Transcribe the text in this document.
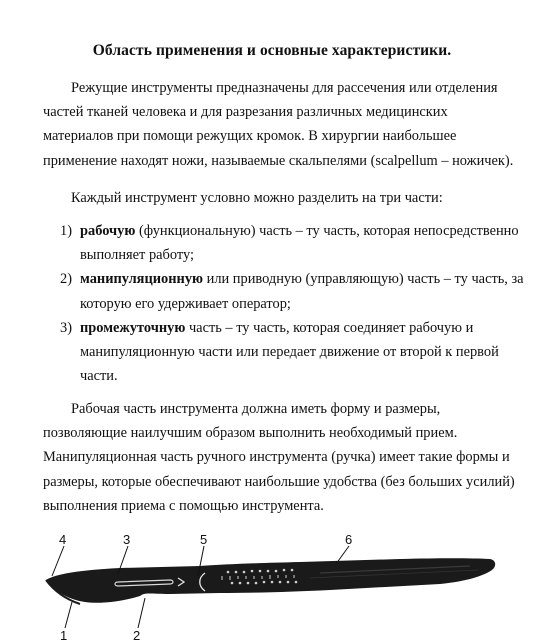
Область применения и основные характеристики.

Режущие инструменты предназначены для рассечения или отделения частей тканей человека и для разрезания различных медицинских материалов при помощи режущих кромок. В хирургии наибольшее применение находят ножи, называемые скальпелями (scalpellum – ножичек).

Каждый инструмент условно можно разделить на три части:

1) рабочую (функциональную) часть – ту часть, которая непосредственно выполняет работу;
2) манипуляционную или приводную (управляющую) часть – ту часть, за которую его удерживает оператор;
3) промежуточную часть – ту часть, которая соединяет рабочую и манипуляционную части или передает движение от второй к первой части.

Рабочая часть инструмента должна иметь форму и размеры, позволяющие наилучшим образом выполнить необходимый прием. Манипуляционная часть ручного инструмента (ручка) имеет такие формы и размеры, которые обеспечивают наибольшие удобства (без больших усилий) выполнения приема с помощью инструмента.

4	3	5	6
1	2
